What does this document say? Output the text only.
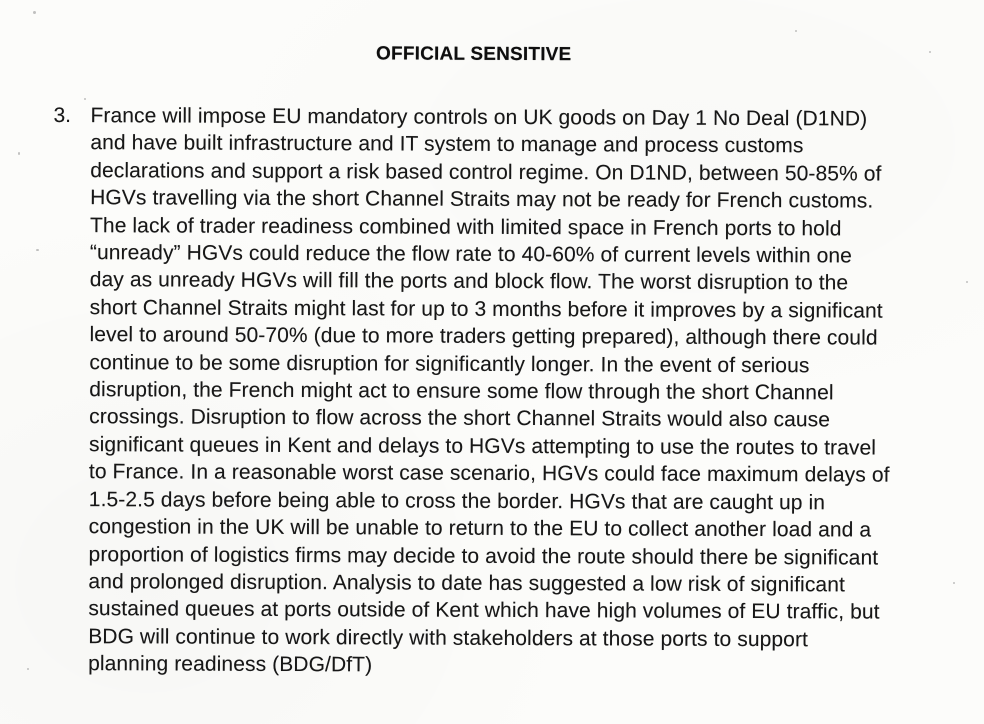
OFFICIAL SENSITIVE
3. France will impose EU mandatory controls on UK goods on Day 1 No Deal (D1ND)
and have built infrastructure and IT system to manage and process customs
declarations and support a risk based control regime. On D1ND, between 50-85% of
HGVs travelling via the short Channel Straits may not be ready for French customs.
The lack of trader readiness combined with limited space in French ports to hold
“unready” HGVs could reduce the flow rate to 40-60% of current levels within one
day as unready HGVs will fill the ports and block flow. The worst disruption to the
short Channel Straits might last for up to 3 months before it improves by a significant
level to around 50-70% (due to more traders getting prepared), although there could
continue to be some disruption for significantly longer. In the event of serious
disruption, the French might act to ensure some flow through the short Channel
crossings. Disruption to flow across the short Channel Straits would also cause
significant queues in Kent and delays to HGVs attempting to use the routes to travel
to France. In a reasonable worst case scenario, HGVs could face maximum delays of
1.5-2.5 days before being able to cross the border. HGVs that are caught up in
congestion in the UK will be unable to return to the EU to collect another load and a
proportion of logistics firms may decide to avoid the route should there be significant
and prolonged disruption. Analysis to date has suggested a low risk of significant
sustained queues at ports outside of Kent which have high volumes of EU traffic, but
BDG will continue to work directly with stakeholders at those ports to support
planning readiness (BDG/DfT)
